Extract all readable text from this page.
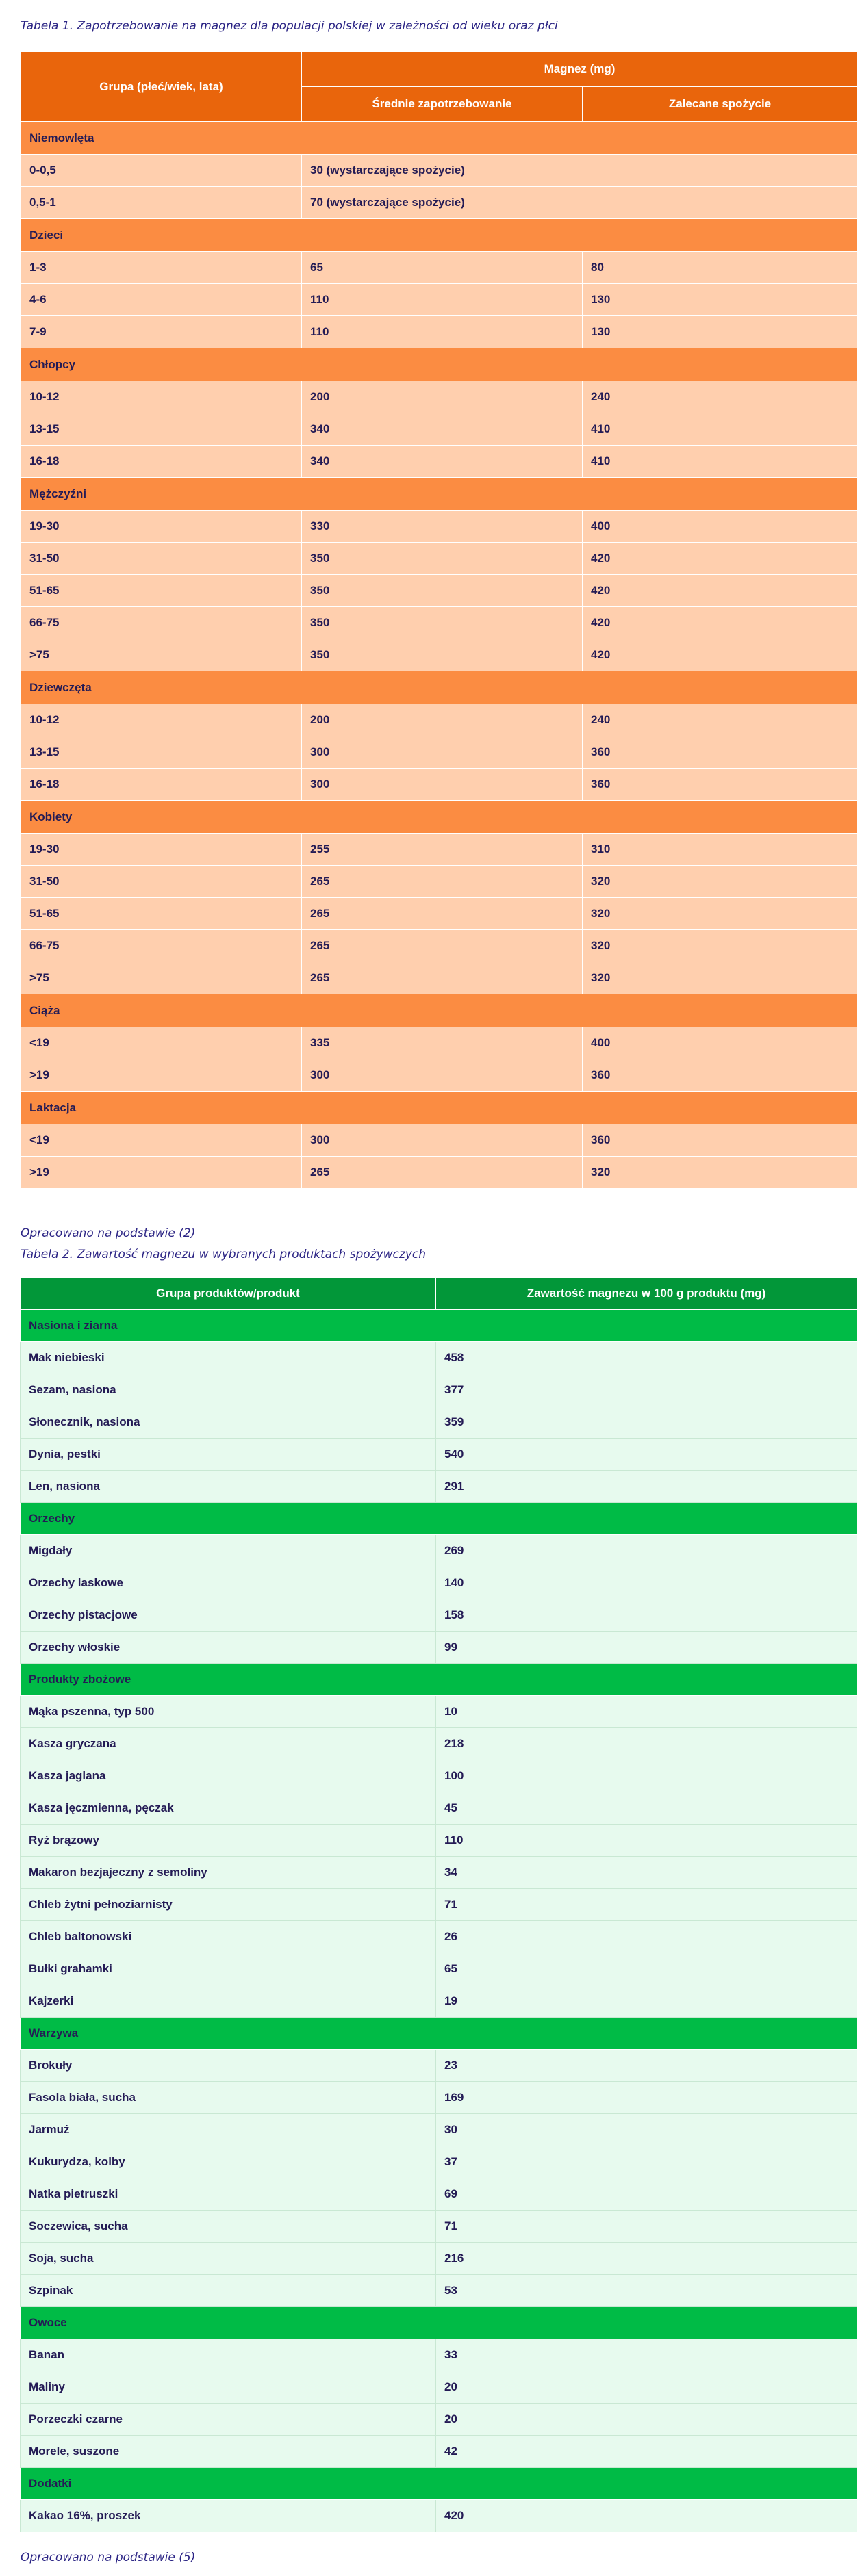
Tabela 1. Zapotrzebowanie na magnez dla populacji polskiej w zależności od wieku oraz płci

Grupa (płeć/wiek, lata)	Magnez (mg)	
	Średnie zapotrzebowanie	Zalecane spożycie
Niemowlęta		
0-0,5	30 (wystarczające spożycie)	
0,5-1	70 (wystarczające spożycie)	
Dzieci		
1-3	65	80
4-6	110	130
7-9	110	130
Chłopcy		
10-12	200	240
13-15	340	410
16-18	340	410
Mężczyźni		
19-30	330	400
31-50	350	420
51-65	350	420
66-75	350	420
>75	350	420
Dziewczęta		
10-12	200	240
13-15	300	360
16-18	300	360
Kobiety		
19-30	255	310
31-50	265	320
51-65	265	320
66-75	265	320
>75	265	320
Ciąża		
<19	335	400
>19	300	360
Laktacja		
<19	300	360
>19	265	320

Opracowano na podstawie (2)

Tabela 2. Zawartość magnezu w wybranych produktach spożywczych

Grupa produktów/produkt	Zawartość magnezu w 100 g produktu (mg)
Nasiona i ziarna	
Mak niebieski	458
Sezam, nasiona	377
Słonecznik, nasiona	359
Dynia, pestki	540
Len, nasiona	291
Orzechy	
Migdały	269
Orzechy laskowe	140
Orzechy pistacjowe	158
Orzechy włoskie	99
Produkty zbożowe	
Mąka pszenna, typ 500	10
Kasza gryczana	218
Kasza jaglana	100
Kasza jęczmienna, pęczak	45
Ryż brązowy	110
Makaron bezjajeczny z semoliny	34
Chleb żytni pełnoziarnisty	71
Chleb baltonowski	26
Bułki grahamki	65
Kajzerki	19
Warzywa	
Brokuły	23
Fasola biała, sucha	169
Jarmuż	30
Kukurydza, kolby	37
Natka pietruszki	69
Soczewica, sucha	71
Soja, sucha	216
Szpinak	53
Owoce	
Banan	33
Maliny	20
Porzeczki czarne	20
Morele, suszone	42
Dodatki	
Kakao 16%, proszek	420

Opracowano na podstawie (5)
